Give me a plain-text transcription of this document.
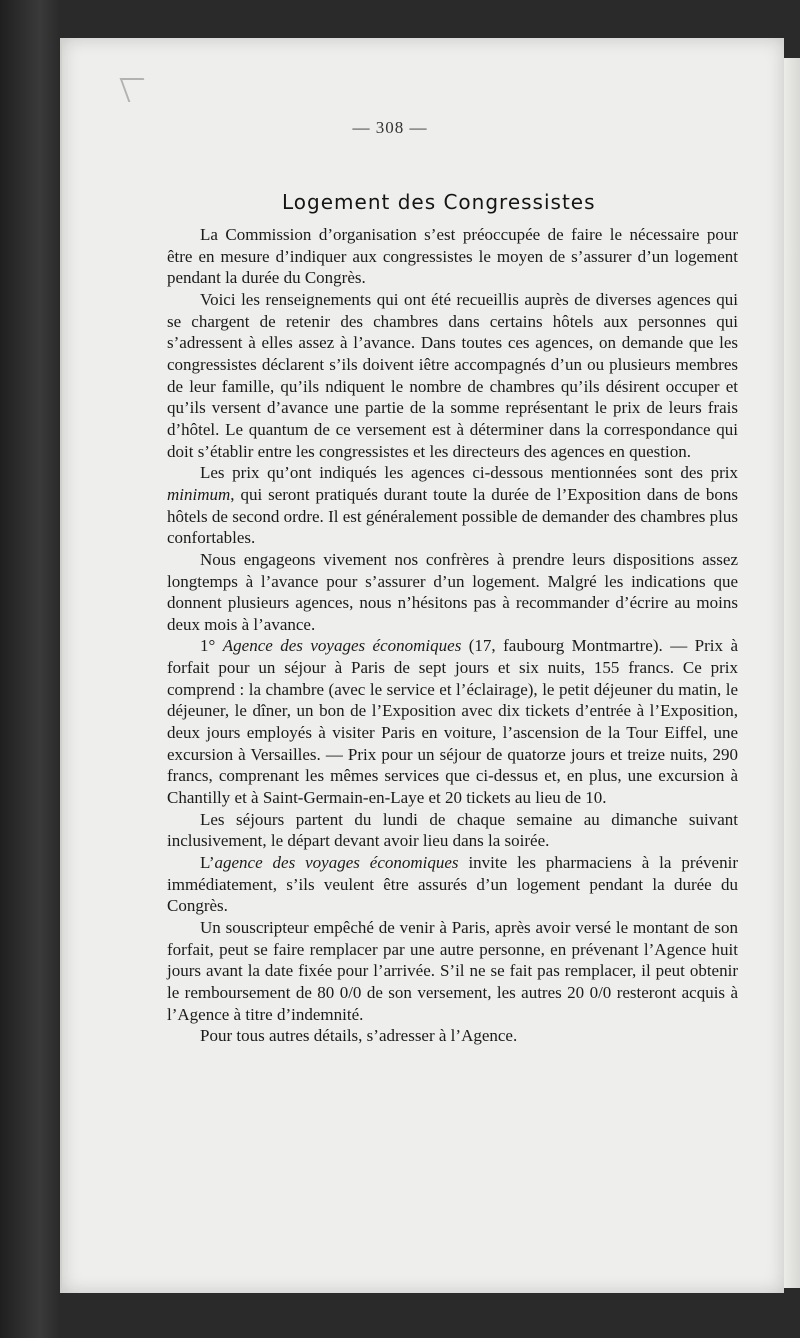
— 308 —
Logement des Congressistes

La Commission d’organisation s’est préoccupée de faire le nécessaire pour être en mesure d’indiquer aux congressistes le moyen de s’assurer d’un logement pendant la durée du Congrès.

Voici les renseignements qui ont été recueillis auprès de diverses agences qui se chargent de retenir des chambres dans certains hôtels aux personnes qui s’adressent à elles assez à l’avance. Dans toutes ces agences, on demande que les congressistes déclarent s’ils doivent iêtre accompagnés d’un ou plusieurs membres de leur famille, qu’ils ndiquent le nombre de chambres qu’ils désirent occuper et qu’ils versent d’avance une partie de la somme représentant le prix de leurs frais d’hôtel. Le quantum de ce versement est à déterminer dans la correspondance qui doit s’établir entre les congressistes et les directeurs des agences en question.

Les prix qu’ont indiqués les agences ci-dessous mentionnées sont des prix minimum, qui seront pratiqués durant toute la durée de l’Exposition dans de bons hôtels de second ordre. Il est généralement possible de demander des chambres plus confortables.

Nous engageons vivement nos confrères à prendre leurs dispositions assez longtemps à l’avance pour s’assurer d’un logement. Malgré les indications que donnent plusieurs agences, nous n’hésitons pas à recommander d’écrire au moins deux mois à l’avance.

1° Agence des voyages économiques (17, faubourg Montmartre). — Prix à forfait pour un séjour à Paris de sept jours et six nuits, 155 francs. Ce prix comprend : la chambre (avec le service et l’éclairage), le petit déjeuner du matin, le déjeuner, le dîner, un bon de l’Exposition avec dix tickets d’entrée à l’Exposition, deux jours employés à visiter Paris en voiture, l’ascension de la Tour Eiffel, une excursion à Versailles. — Prix pour un séjour de quatorze jours et treize nuits, 290 francs, comprenant les mêmes services que ci-dessus et, en plus, une excursion à Chantilly et à Saint-Germain-en-Laye et 20 tickets au lieu de 10.

Les séjours partent du lundi de chaque semaine au dimanche suivant inclusivement, le départ devant avoir lieu dans la soirée.

L’agence des voyages économiques invite les pharmaciens à la prévenir immédiatement, s’ils veulent être assurés d’un logement pendant la durée du Congrès.

Un souscripteur empêché de venir à Paris, après avoir versé le montant de son forfait, peut se faire remplacer par une autre personne, en prévenant l’Agence huit jours avant la date fixée pour l’arrivée. S’il ne se fait pas remplacer, il peut obtenir le remboursement de 80 0/0 de son versement, les autres 20 0/0 resteront acquis à l’Agence à titre d’indemnité.

Pour tous autres détails, s’adresser à l’Agence.
